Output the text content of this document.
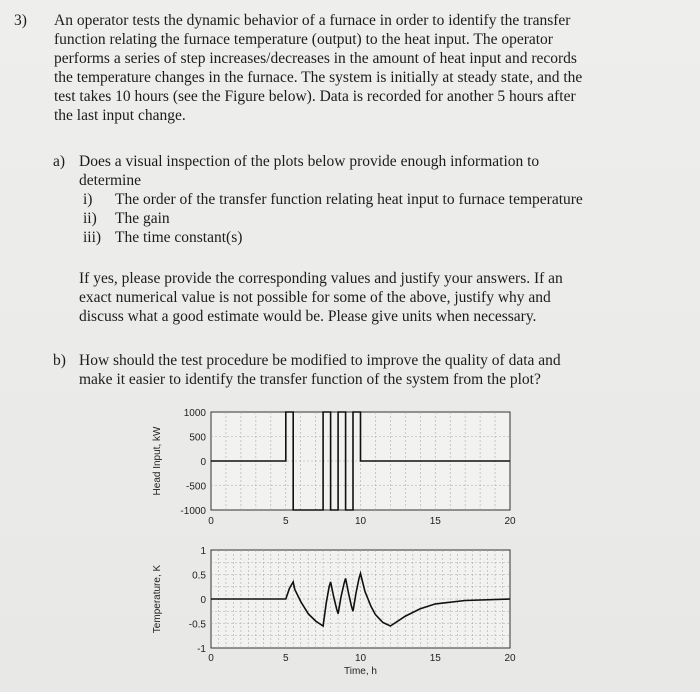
3) An operator tests the dynamic behavior of a furnace in order to identify the transfer
function relating the furnace temperature (output) to the heat input. The operator
performs a series of step increases/decreases in the amount of heat input and records
the temperature changes in the furnace. The system is initially at steady state, and the
test takes 10 hours (see the Figure below). Data is recorded for another 5 hours after
the last input change.
a) Does a visual inspection of the plots below provide enough information to
determine
i)	The order of the transfer function relating heat input to furnace temperature
ii)	The gain
iii) The time constant(s)
If yes, please provide the corresponding values and justify your answers. If an
exact numerical value is not possible for some of the above, justify why and
discuss what a good estimate would be. Please give units when necessary.
b) How should the test procedure be modified to improve the quality of data and
make it easier to identify the transfer function of the system from the plot?
1000
500
0
-500
-1000
0	5	10	15	20
Head Input, kW
1
0.5
0
-0.5
-1
0	5	10	15	20
Temperature, K
Time, h
